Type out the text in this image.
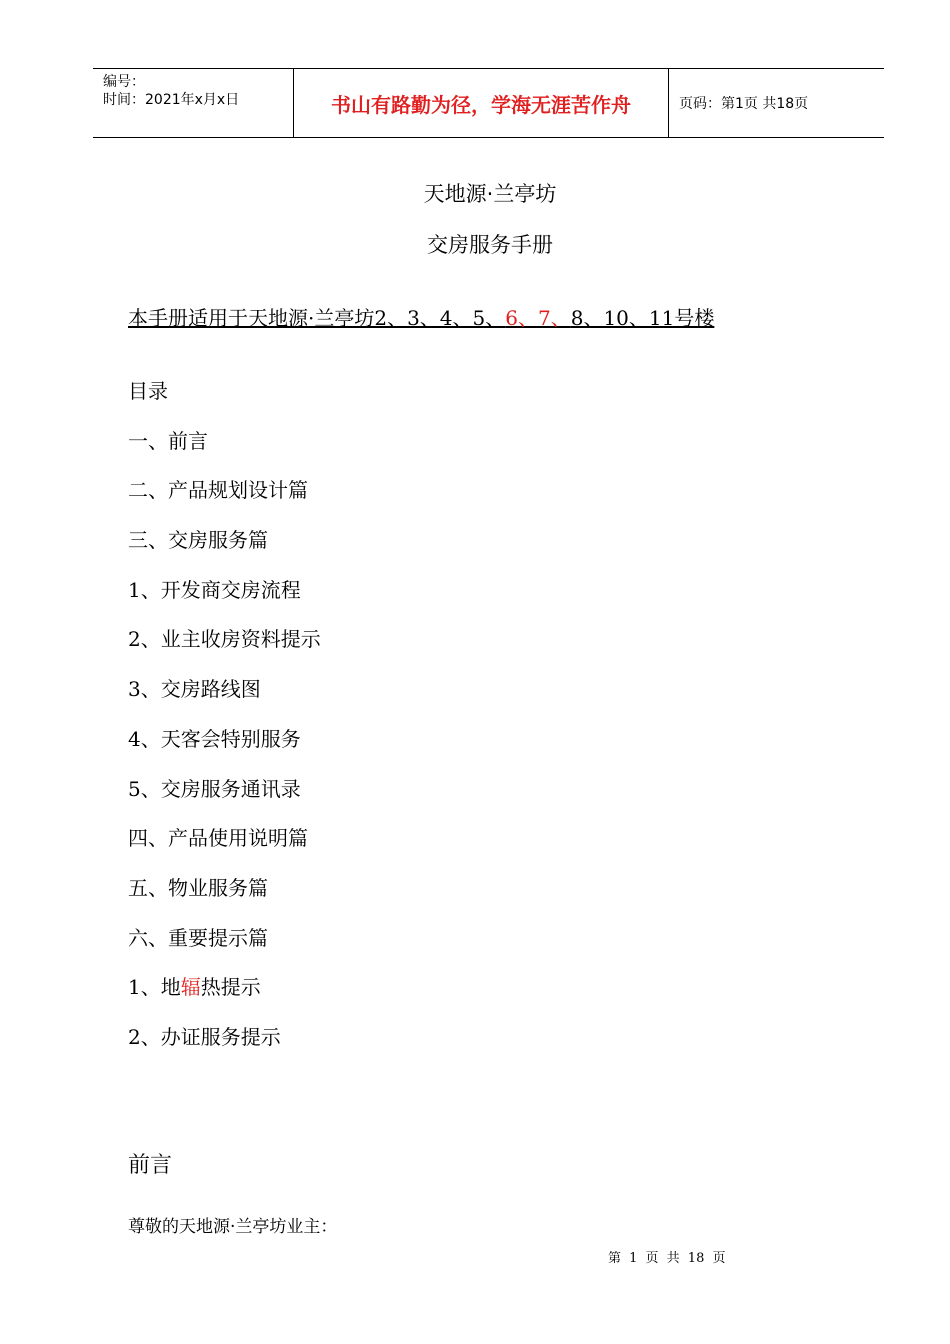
编号：
时间：2021年x月x日	书山有路勤为径，学海无涯苦作舟	页码：第1页 共18页
天地源·兰亭坊
交房服务手册
本手册适用于天地源·兰亭坊2、3、4、5、6、7、8、10、11号楼
目录
一、前言
二、产品规划设计篇
三、交房服务篇
1、开发商交房流程
2、业主收房资料提示
3、交房路线图
4、天客会特别服务
5、交房服务通讯录
四、产品使用说明篇
五、物业服务篇
六、重要提示篇
1、地辐热提示
2、办证服务提示
前言
尊敬的天地源·兰亭坊业主：
第 1 页 共 18 页
